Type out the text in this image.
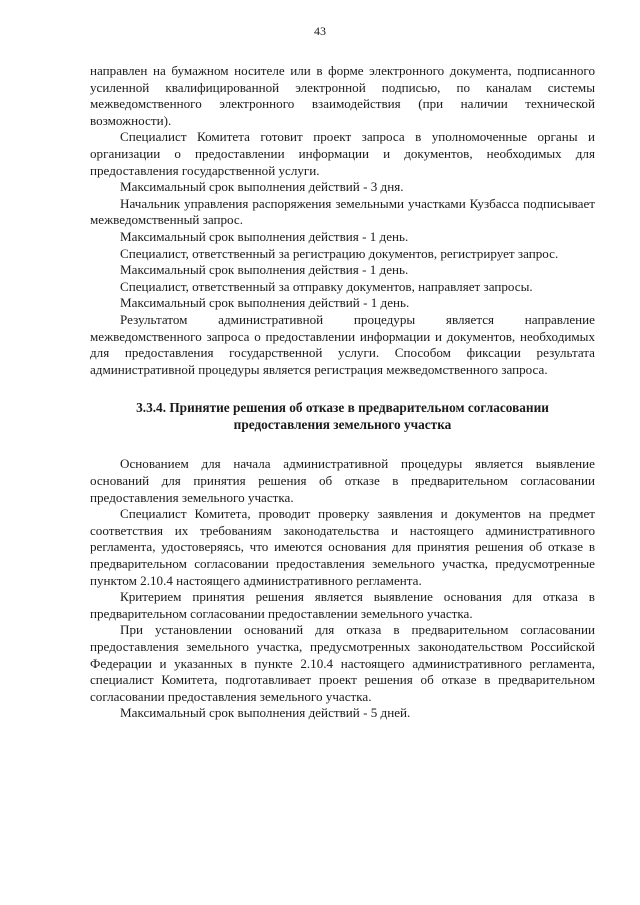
43

направлен на бумажном носителе или в форме электронного документа, подписанного усиленной квалифицированной электронной подписью, по каналам системы межведомственного электронного взаимодействия (при наличии технической возможности).

Специалист Комитета готовит проект запроса в уполномоченные органы и организации о предоставлении информации и документов, необходимых для предоставления государственной услуги.

Максимальный срок выполнения действий - 3 дня.

Начальник управления распоряжения земельными участками Кузбасса подписывает межведомственный запрос.

Максимальный срок выполнения действия - 1 день.

Специалист, ответственный за регистрацию документов, регистрирует запрос.

Максимальный срок выполнения действия - 1 день.

Специалист, ответственный за отправку документов, направляет запросы.

Максимальный срок выполнения действий - 1 день.

Результатом административной процедуры является направление межведомственного запроса о предоставлении информации и документов, необходимых для предоставления государственной услуги. Способом фиксации результата административной процедуры является регистрация межведомственного запроса.

3.3.4. Принятие решения об отказе в предварительном согласовании предоставления земельного участка

Основанием для начала административной процедуры является выявление оснований для принятия решения об отказе в предварительном согласовании предоставления земельного участка.

Специалист Комитета, проводит проверку заявления и документов на предмет соответствия их требованиям законодательства и настоящего административного регламента, удостоверяясь, что имеются основания для принятия решения об отказе в предварительном согласовании предоставления земельного участка, предусмотренные пунктом 2.10.4 настоящего административного регламента.

Критерием принятия решения является выявление основания для отказа в предварительном согласовании предоставлении земельного участка.

При установлении оснований для отказа в предварительном согласовании предоставления земельного участка, предусмотренных законодательством Российской Федерации и указанных в пункте 2.10.4 настоящего административного регламента, специалист Комитета, подготавливает проект решения об отказе в предварительном согласовании предоставления земельного участка.

Максимальный срок выполнения действий - 5 дней.
